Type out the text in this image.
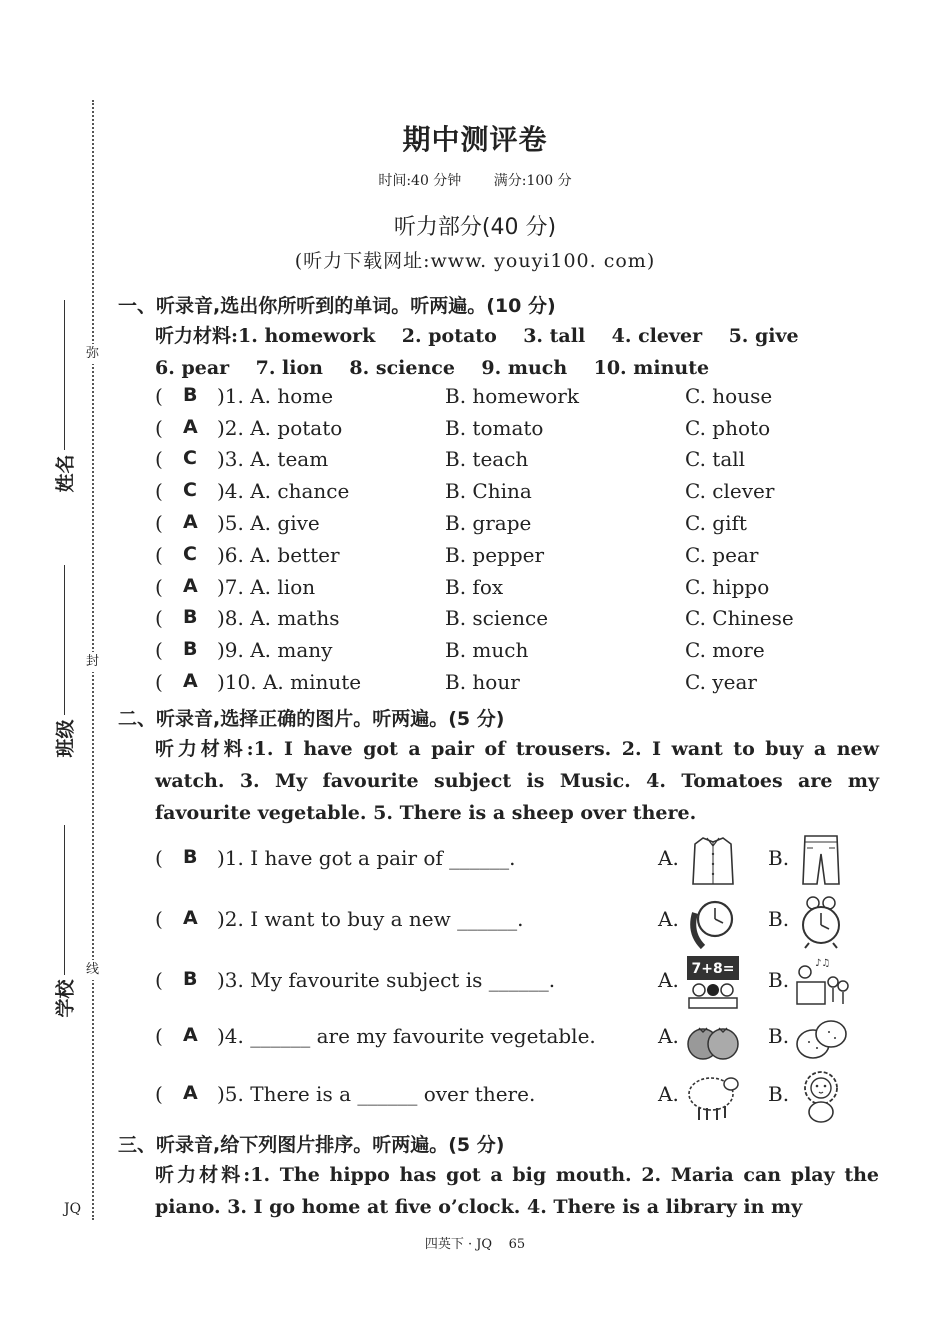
弥
封
线
姓名
班级
学校
JQ
期中测评卷
时间:40 分钟 满分:100 分
听力部分(40 分)
(听力下载网址:www. youyi100. com)
一、听录音,选出你所听到的单词。听两遍。(10 分)
听力材料:1. homework    2. potato    3. tall    4. clever    5. give
6. pear    7. lion    8. science    9. much    10. minute
( B )1. A. home	B. homework	C. house
( A )2. A. potato	B. tomato	C. photo
( C )3. A. team	B. teach	C. tall
( C )4. A. chance	B. China	C. clever
( A )5. A. give	B. grape	C. gift
( C )6. A. better	B. pepper	C. pear
( A )7. A. lion	B. fox	C. hippo
( B )8. A. maths	B. science	C. Chinese
( B )9. A. many	B. much	C. more
( A )10. A. minute	B. hour	C. year
二、听录音,选择正确的图片。听两遍。(5 分)
听力材料:1. I have got a pair of trousers. 2. I want to buy a new watch. 3. My favourite subject is Music. 4. Tomatoes are my favourite vegetable. 5. There is a sheep over there.
( B )1. I have got a pair of ______.	A.	B.
( A )2. I want to buy a new ______.	A.	B.
( B )3. My favourite subject is ______.	A. 7+8= B.
♪♫
( A )4. ______ are my favourite vegetable.	A.	B.
( A )5. There is a ______ over there.	A.	B.
三、听录音,给下列图片排序。听两遍。(5 分)
听力材料:1. The hippo has got a big mouth. 2. Maria can play the piano. 3. I go home at five o’clock. 4. There is a library in my
四英下 · JQ    65
